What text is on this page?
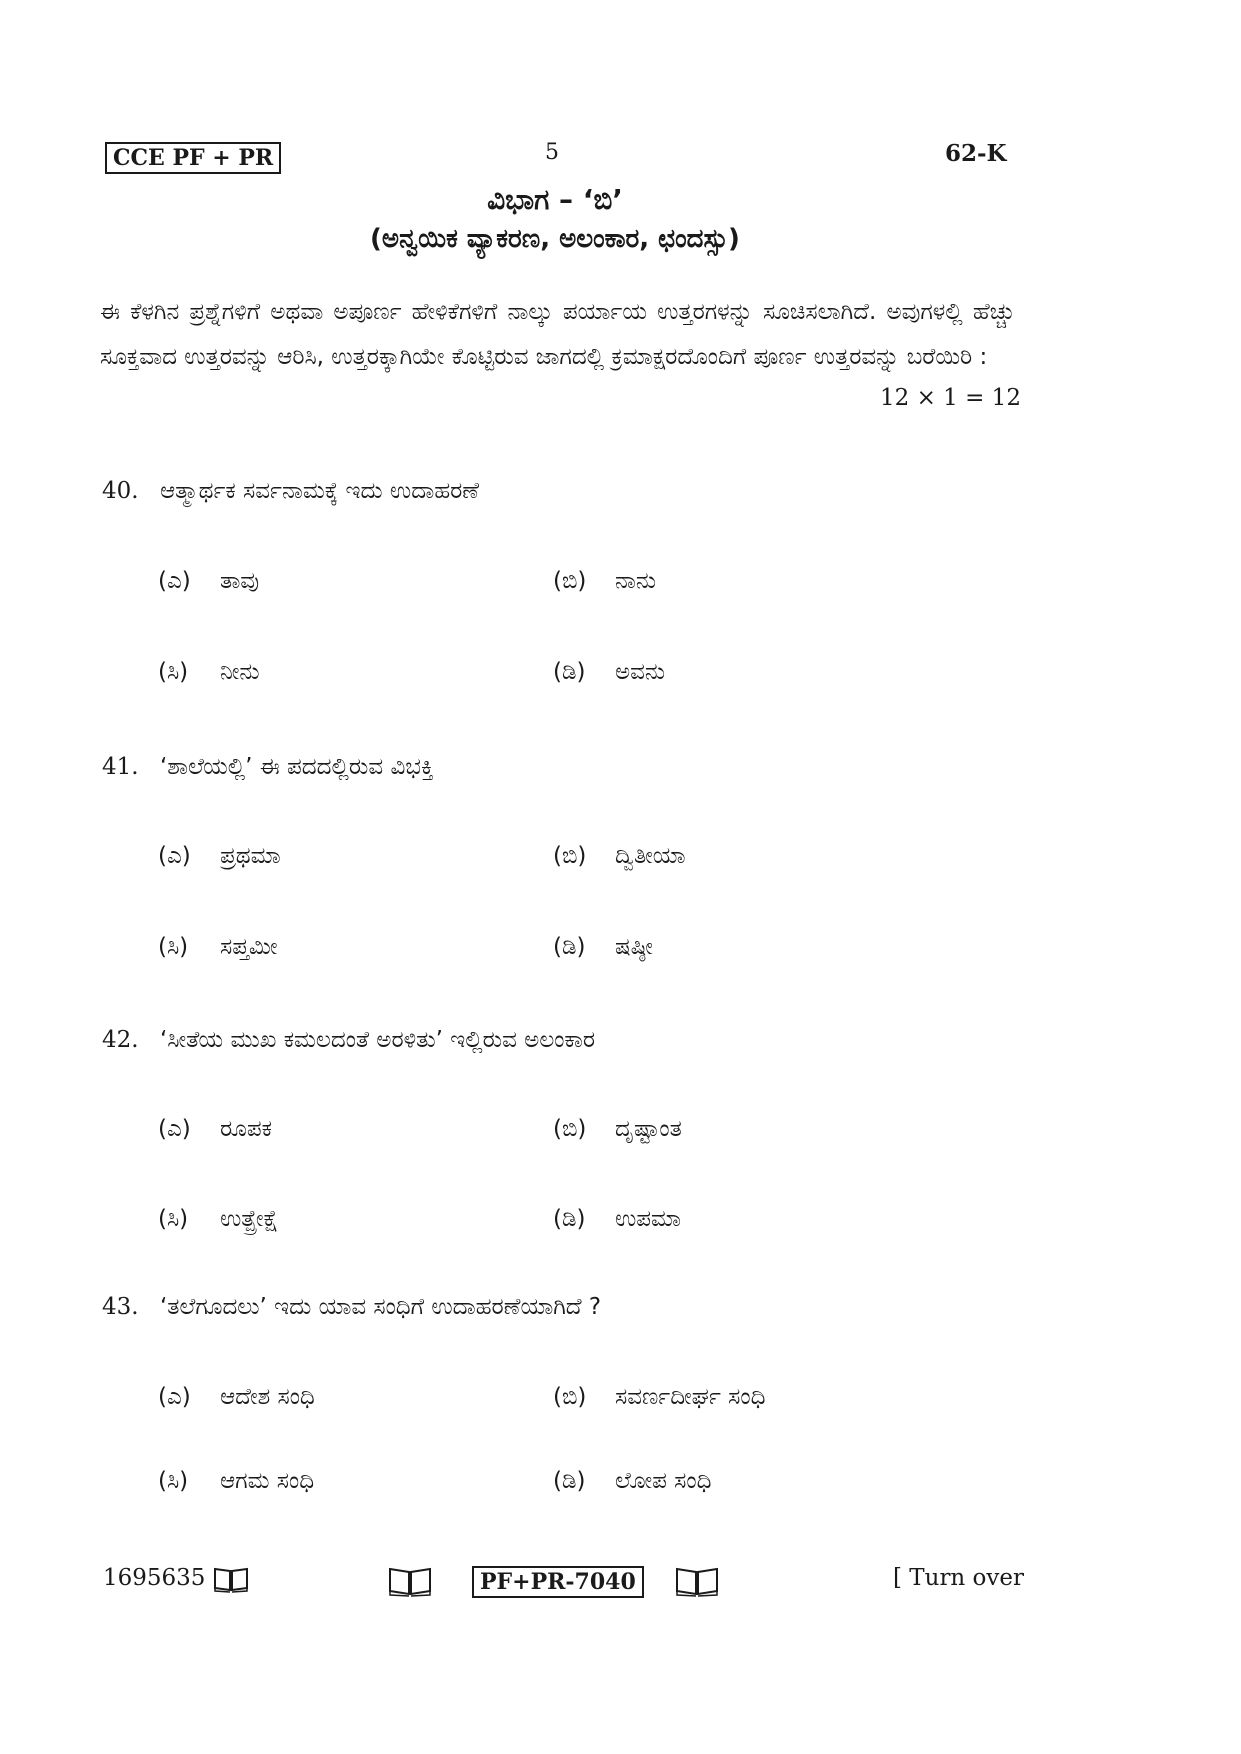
CCE PF + PR	5	62-K
ವಿಭಾಗ – ‘ಬಿ’
(ಅನ್ವಯಿಕ ವ್ಯಾಕರಣ, ಅಲಂಕಾರ, ಛಂದಸ್ಸು)
ಈ ಕೆಳಗಿನ ಪ್ರಶ್ನೆಗಳಿಗೆ ಅಥವಾ ಅಪೂರ್ಣ ಹೇಳಿಕೆಗಳಿಗೆ ನಾಲ್ಕು ಪರ್ಯಾಯ ಉತ್ತರಗಳನ್ನು ಸೂಚಿಸಲಾಗಿದೆ. ಅವುಗಳಲ್ಲಿ ಹೆಚ್ಚು ಸೂಕ್ತವಾದ ಉತ್ತರವನ್ನು ಆರಿಸಿ, ಉತ್ತರಕ್ಕಾಗಿಯೇ ಕೊಟ್ಟಿರುವ ಜಾಗದಲ್ಲಿ ಕ್ರಮಾಕ್ಷರದೊಂದಿಗೆ ಪೂರ್ಣ ಉತ್ತರವನ್ನು ಬರೆಯಿರಿ :
12 × 1 = 12
40. ಆತ್ಮಾರ್ಥಕ ಸರ್ವನಾಮಕ್ಕೆ ಇದು ಉದಾಹರಣೆ
(ಎ) ತಾವು	(ಬಿ) ನಾನು
(ಸಿ) ನೀನು	(ಡಿ) ಅವನು
41. ‘ಶಾಲೆಯಲ್ಲಿ’ ಈ ಪದದಲ್ಲಿರುವ ವಿಭಕ್ತಿ
(ಎ) ಪ್ರಥಮಾ	(ಬಿ) ದ್ವಿತೀಯಾ
(ಸಿ) ಸಪ್ತಮೀ	(ಡಿ) ಷಷ್ಠೀ
42. ‘ಸೀತೆಯ ಮುಖ ಕಮಲದಂತೆ ಅರಳಿತು’ ಇಲ್ಲಿರುವ ಅಲಂಕಾರ
(ಎ) ರೂಪಕ	(ಬಿ) ದೃಷ್ಟಾಂತ
(ಸಿ) ಉತ್ಪ್ರೇಕ್ಷೆ	(ಡಿ) ಉಪಮಾ
43. ‘ತಲೆಗೂದಲು’ ಇದು ಯಾವ ಸಂಧಿಗೆ ಉದಾಹರಣೆಯಾಗಿದೆ ?
(ಎ) ಆದೇಶ ಸಂಧಿ	(ಬಿ) ಸವರ್ಣದೀರ್ಘ ಸಂಧಿ
(ಸಿ) ಆಗಮ ಸಂಧಿ	(ಡಿ) ಲೋಪ ಸಂಧಿ
1695635	PF+PR-7040	[ Turn over
